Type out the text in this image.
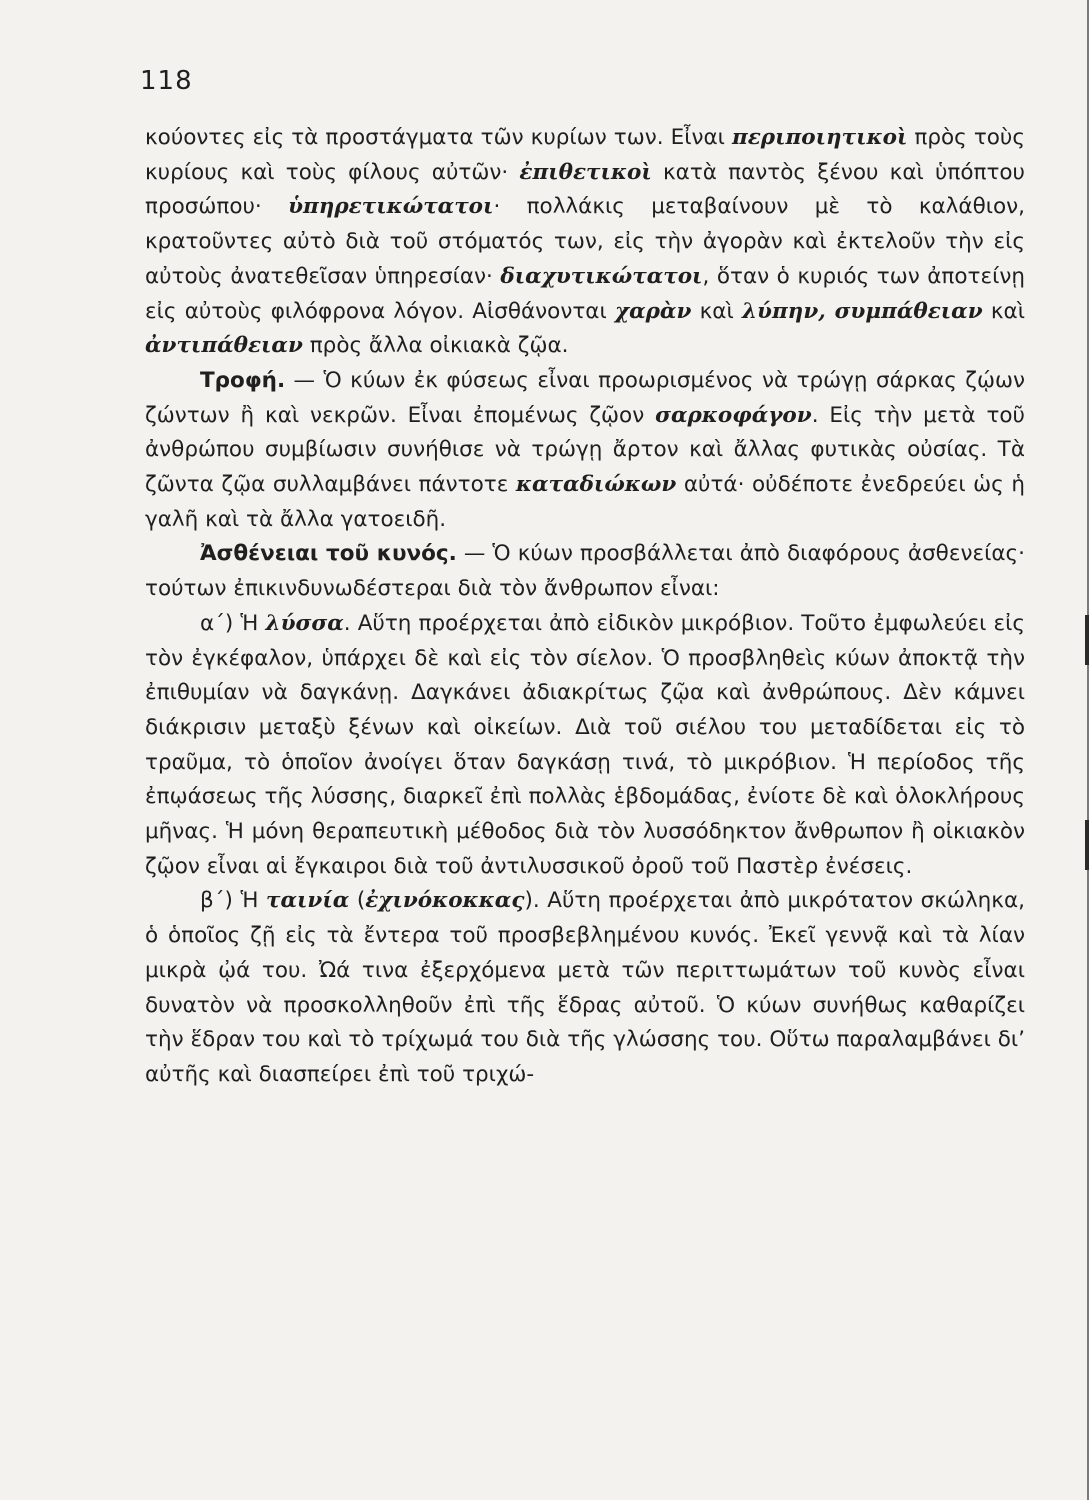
118

κούοντες εἰς τὰ προστάγματα τῶν κυρίων των. Εἶναι περιποιητικοὶ πρὸς τοὺς κυρίους καὶ τοὺς φίλους αὐτῶν· ἐπιθετικοὶ κατὰ παντὸς ξένου καὶ ὑπόπτου προσώπου· ὑπηρετικώτατοι· πολλάκις μεταβαίνουν μὲ τὸ καλάθιον, κρατοῦντες αὐτὸ διὰ τοῦ στόματός των, εἰς τὴν ἀγορὰν καὶ ἐκτελοῦν τὴν εἰς αὐτοὺς ἀνατεθεῖσαν ὑπηρεσίαν· διαχυτικώτατοι, ὅταν ὁ κυριός των ἀποτείνῃ εἰς αὐτοὺς φιλόφρονα λόγον. Αἰσθάνονται χαρὰν καὶ λύπην, συμπάθειαν καὶ ἀντιπάθειαν πρὸς ἄλλα οἰκιακὰ ζῷα.

Τροφή. — Ὁ κύων ἐκ φύσεως εἶναι προωρισμένος νὰ τρώγῃ σάρκας ζῴων ζώντων ἢ καὶ νεκρῶν. Εἶναι ἐπομένως ζῷον σαρκοφάγον. Εἰς τὴν μετὰ τοῦ ἀνθρώπου συμβίωσιν συνήθισε νὰ τρώγῃ ἄρτον καὶ ἄλλας φυτικὰς οὐσίας. Τὰ ζῶντα ζῷα συλλαμβάνει πάντοτε καταδιώκων αὐτά· οὐδέποτε ἐνεδρεύει ὡς ἡ γαλῆ καὶ τὰ ἄλλα γατοειδῆ.

Ἀσθένειαι τοῦ κυνός. — Ὁ κύων προσβάλλεται ἀπὸ διαφόρους ἀσθενείας· τούτων ἐπικινδυνωδέστεραι διὰ τὸν ἄνθρωπον εἶναι:

α΄) Ἡ λύσσα. Αὕτη προέρχεται ἀπὸ εἰδικὸν μικρόβιον. Τοῦτο ἐμφωλεύει εἰς τὸν ἐγκέφαλον, ὑπάρχει δὲ καὶ εἰς τὸν σίελον. Ὁ προσβληθεὶς κύων ἀποκτᾷ τὴν ἐπιθυμίαν νὰ δαγκάνῃ. Δαγκάνει ἀδιακρίτως ζῷα καὶ ἀνθρώπους. Δὲν κάμνει διάκρισιν μεταξὺ ξένων καὶ οἰκείων. Διὰ τοῦ σιέλου του μεταδίδεται εἰς τὸ τραῦμα, τὸ ὁποῖον ἀνοίγει ὅταν δαγκάσῃ τινά, τὸ μικρόβιον. Ἡ περίοδος τῆς ἐπῳάσεως τῆς λύσσης, διαρκεῖ ἐπὶ πολλὰς ἑβδομάδας, ἐνίοτε δὲ καὶ ὁλοκλήρους μῆνας. Ἡ μόνη θεραπευτικὴ μέθοδος διὰ τὸν λυσσόδηκτον ἄνθρωπον ἢ οἰκιακὸν ζῷον εἶναι αἱ ἔγκαιροι διὰ τοῦ ἀντιλυσσικοῦ ὀροῦ τοῦ Παστὲρ ἐνέσεις.

β΄) Ἡ ταινία (ἐχινόκοκκας). Αὕτη προέρχεται ἀπὸ μικρότατον σκώληκα, ὁ ὁποῖος ζῇ εἰς τὰ ἔντερα τοῦ προσβεβλημένου κυνός. Ἐκεῖ γεννᾷ καὶ τὰ λίαν μικρὰ ᾠά του. Ὠά τινα ἐξερχόμενα μετὰ τῶν περιττωμάτων τοῦ κυνὸς εἶναι δυνατὸν νὰ προσκολληθοῦν ἐπὶ τῆς ἕδρας αὐτοῦ. Ὁ κύων συνήθως καθαρίζει τὴν ἕδραν του καὶ τὸ τρίχωμά του διὰ τῆς γλώσσης του. Οὕτω παραλαμβάνει δι’ αὐτῆς καὶ διασπείρει ἐπὶ τοῦ τριχώ-
